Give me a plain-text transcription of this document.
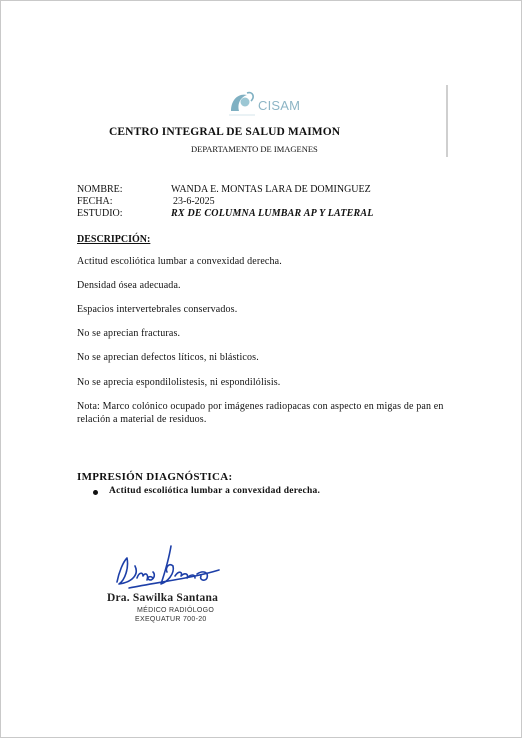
CISAM
CENTRO INTEGRAL DE SALUD MAIMON
DEPARTAMENTO DE IMAGENES
NOMBRE:	WANDA E. MONTAS LARA DE DOMINGUEZ
FECHA:	23-6-2025
ESTUDIO:	RX DE COLUMNA LUMBAR AP Y LATERAL
DESCRIPCIÓN:
Actitud escoliótica lumbar a convexidad derecha.
Densidad ósea adecuada.
Espacios intervertebrales conservados.
No se aprecian fracturas.
No se aprecian defectos líticos, ni blásticos.
No se aprecia espondilolistesis, ni espondilólisis.
Nota: Marco colónico ocupado por imágenes radiopacas con aspecto en migas de pan en relación a material de residuos.
IMPRESIÓN DIAGNÓSTICA:
Actitud escoliótica lumbar a convexidad derecha.
Dra. Sawilka Santana
MÉDICO RADIÓLOGO
EXEQUATUR 700-20
